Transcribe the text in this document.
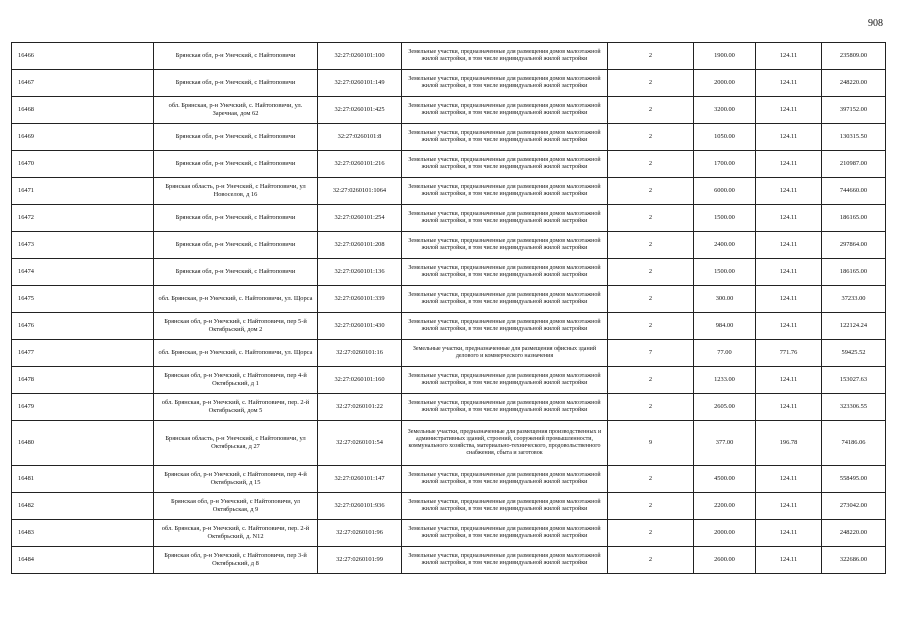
908
16466	Брянская обл, р-н Унечский, с Найтоповичи	32:27:0260101:100	Земельные участки, предназначенные для размещения домов малоэтажной жилой застройки, в том числе индивидуальной жилой застройки	2	1900.00	124.11	235809.00
16467	Брянская обл, р-н Унечский, с Найтоповичи	32:27:0260101:149	Земельные участки, предназначенные для размещения домов малоэтажной жилой застройки, в том числе индивидуальной жилой застройки	2	2000.00	124.11	248220.00
16468	обл. Брянская, р-н Унечский, с. Найтоповичи, ул. Заречная, дом 62	32:27:0260101:425	Земельные участки, предназначенные для размещения домов малоэтажной жилой застройки, в том числе индивидуальной жилой застройки	2	3200.00	124.11	397152.00
16469	Брянская обл, р-н Унечский, с Найтоповичи	32:27:0260101:8	Земельные участки, предназначенные для размещения домов малоэтажной жилой застройки, в том числе индивидуальной жилой застройки	2	1050.00	124.11	130315.50
16470	Брянская обл, р-н Унечский, с Найтоповичи	32:27:0260101:216	Земельные участки, предназначенные для размещения домов малоэтажной жилой застройки, в том числе индивидуальной жилой застройки	2	1700.00	124.11	210987.00
16471	Брянская область, р-н Унечский, с Найтоповичи, ул Новоселов, д 16	32:27:0260101:1064	Земельные участки, предназначенные для размещения домов малоэтажной жилой застройки, в том числе индивидуальной жилой застройки	2	6000.00	124.11	744660.00
16472	Брянская обл, р-н Унечский, с Найтоповичи	32:27:0260101:254	Земельные участки, предназначенные для размещения домов малоэтажной жилой застройки, в том числе индивидуальной жилой застройки	2	1500.00	124.11	186165.00
16473	Брянская обл, р-н Унечский, с Найтоповичи	32:27:0260101:208	Земельные участки, предназначенные для размещения домов малоэтажной жилой застройки, в том числе индивидуальной жилой застройки	2	2400.00	124.11	297864.00
16474	Брянская обл, р-н Унечский, с Найтоповичи	32:27:0260101:136	Земельные участки, предназначенные для размещения домов малоэтажной жилой застройки, в том числе индивидуальной жилой застройки	2	1500.00	124.11	186165.00
16475	обл. Брянская, р-н Унечский, с. Найтоповичи, ул. Щорса	32:27:0260101:339	Земельные участки, предназначенные для размещения домов малоэтажной жилой застройки, в том числе индивидуальной жилой застройки	2	300.00	124.11	37233.00
16476	Брянская обл, р-н Унечский, с Найтоповичи, пер 5-й Октябрьский, дом 2	32:27:0260101:430	Земельные участки, предназначенные для размещения домов малоэтажной жилой застройки, в том числе индивидуальной жилой застройки	2	984.00	124.11	122124.24
16477	обл. Брянская, р-н Унечский, с. Найтоповичи, ул. Щорса	32:27:0260101:16	Земельные участки, предназначенные для размещения офисных зданий делового и коммерческого назначения	7	77.00	771.76	59425.52
16478	Брянская обл, р-н Унечский, с Найтоповичи, пер 4-й Октябрьский, д 1	32:27:0260101:160	Земельные участки, предназначенные для размещения домов малоэтажной жилой застройки, в том числе индивидуальной жилой застройки	2	1233.00	124.11	153027.63
16479	обл. Брянская, р-н Унечский, с. Найтоповичи, пер. 2-й Октябрьский, дом 5	32:27:0260101:22	Земельные участки, предназначенные для размещения домов малоэтажной жилой застройки, в том числе индивидуальной жилой застройки	2	2605.00	124.11	323306.55
16480	Брянская область, р-н Унечский, с Найтоповичи, ул Октябрьская, д 27	32:27:0260101:54	Земельные участки, предназначенные для размещения производственных и административных зданий, строений, сооружений промышленности, коммунального хозяйства, материально-технического, продовольственного снабжения, сбыта и заготовок	9	377.00	196.78	74186.06
16481	Брянская обл, р-н Унечский, с Найтоповичи, пер 4-й Октябрьский, д 15	32:27:0260101:147	Земельные участки, предназначенные для размещения домов малоэтажной жилой застройки, в том числе индивидуальной жилой застройки	2	4500.00	124.11	558495.00
16482	Брянская обл, р-н Унечский, с Найтоповичи, ул Октябрьская, д 9	32:27:0260101:936	Земельные участки, предназначенные для размещения домов малоэтажной жилой застройки, в том числе индивидуальной жилой застройки	2	2200.00	124.11	273042.00
16483	обл. Брянская, р-н Унечский, с. Найтоповичи, пер. 2-й Октябрьский, д. N12	32:27:0260101:96	Земельные участки, предназначенные для размещения домов малоэтажной жилой застройки, в том числе индивидуальной жилой застройки	2	2000.00	124.11	248220.00
16484	Брянская обл, р-н Унечский, с Найтоповичи, пер 3-й Октябрьский, д 8	32:27:0260101:99	Земельные участки, предназначенные для размещения домов малоэтажной жилой застройки, в том числе индивидуальной жилой застройки	2	2600.00	124.11	322686.00
